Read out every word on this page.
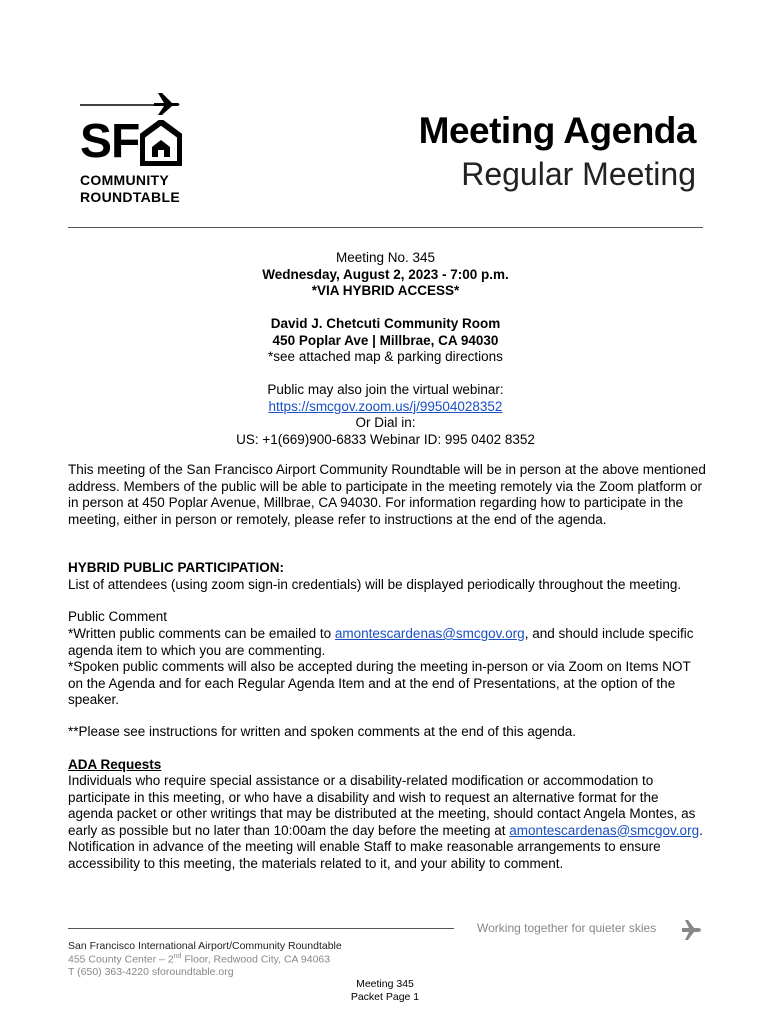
SF
COMMUNITY
ROUNDTABLE
Meeting Agenda
Regular Meeting
Meeting No. 345
Wednesday, August 2, 2023 - 7:00 p.m.
*VIA HYBRID ACCESS*
David J. Chetcuti Community Room
450 Poplar Ave | Millbrae, CA 94030
*see attached map & parking directions
Public may also join the virtual webinar:
https://smcgov.zoom.us/j/99504028352
Or Dial in:
US: +1(669)900-6833 Webinar ID: 995 0402 8352
This meeting of the San Francisco Airport Community Roundtable will be in person at the above mentioned address. Members of the public will be able to participate in the meeting remotely via the Zoom platform or in person at 450 Poplar Avenue, Millbrae, CA 94030. For information regarding how to participate in the meeting, either in person or remotely, please refer to instructions at the end of the agenda.
HYBRID PUBLIC PARTICIPATION:
List of attendees (using zoom sign-in credentials) will be displayed periodically throughout the meeting.
Public Comment
*Written public comments can be emailed to amontescardenas@smcgov.org, and should include specific agenda item to which you are commenting.
*Spoken public comments will also be accepted during the meeting in-person or via Zoom on Items NOT on the Agenda and for each Regular Agenda Item and at the end of Presentations, at the option of the speaker.
**Please see instructions for written and spoken comments at the end of this agenda.
ADA Requests
Individuals who require special assistance or a disability-related modification or accommodation to participate in this meeting, or who have a disability and wish to request an alternative format for the agenda packet or other writings that may be distributed at the meeting, should contact Angela Montes, as early as possible but no later than 10:00am the day before the meeting at amontescardenas@smcgov.org. Notification in advance of the meeting will enable Staff to make reasonable arrangements to ensure accessibility to this meeting, the materials related to it, and your ability to comment.
Working together for quieter skies
San Francisco International Airport/Community Roundtable
455 County Center – 2nd Floor, Redwood City, CA 94063
T (650) 363-4220 sforoundtable.org
Meeting 345
Packet Page 1
